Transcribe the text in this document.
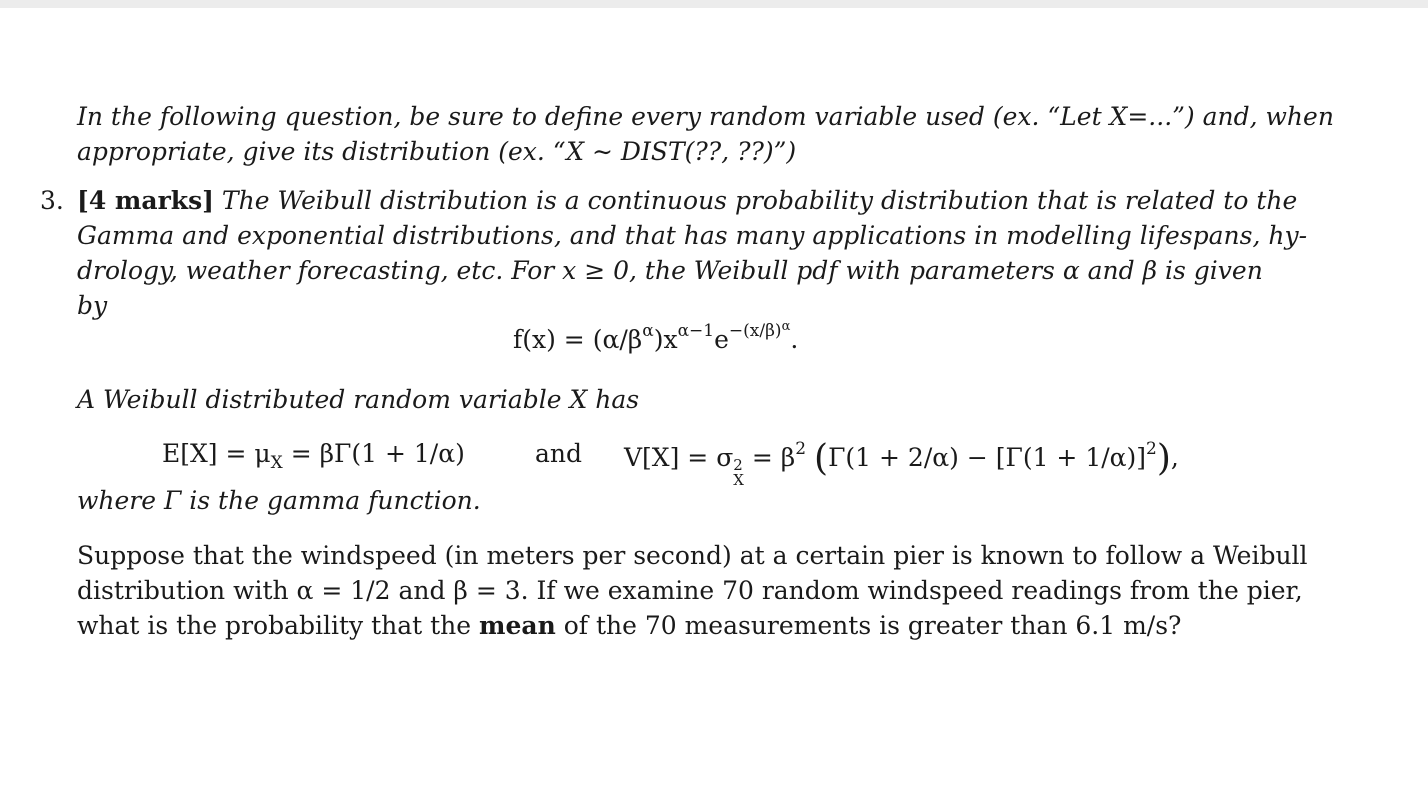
In the following question, be sure to define every random variable used (ex. “Let X=...”) and, when
appropriate, give its distribution (ex. “X ∼ DIST(??, ??)”)
3. [4 marks] The Weibull distribution is a continuous probability distribution that is related to the
Gamma and exponential distributions, and that has many applications in modelling lifespans, hy-
drology, weather forecasting, etc. For x ≥ 0, the Weibull pdf with parameters α and β is given
by
$f(x) = (\alpha/\beta^\alpha)x^{\alpha-1}e^{-(x/\beta)^\alpha}$.
A Weibull distributed random variable X has
$E[X] = \mu_X = \beta\Gamma(1 + 1/\alpha)$	and V[X] = σ 2
X
= $\beta^2$ $(\Gamma(1 + 2/\alpha) - [\Gamma(1 + 1/\alpha)]^2)$,
where Γ is the gamma function.
Suppose that the windspeed (in meters per second) at a certain pier is known to follow a Weibull
distribution with α = 1/2 and β = 3. If we examine 70 random windspeed readings from the pier,
what is the probability that the mean of the 70 measurements is greater than 6.1 m/s?
